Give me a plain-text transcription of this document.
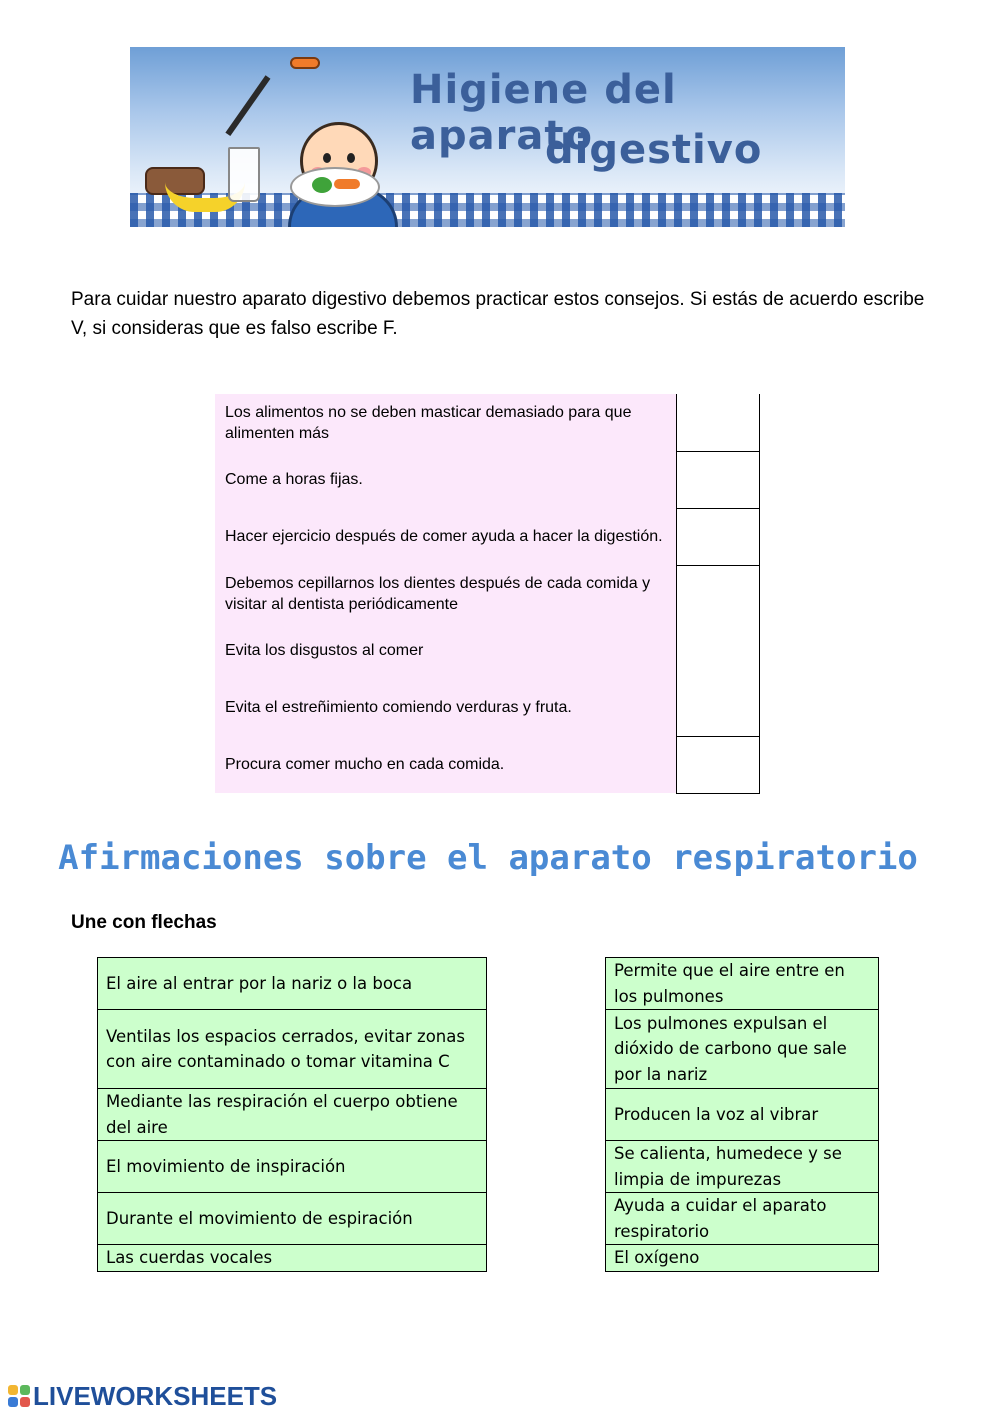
Higiene del aparato
digestivo

Para cuidar nuestro aparato digestivo debemos practicar estos consejos. Si estás de acuerdo escribe V, si consideras que es falso escribe F.

Los alimentos no se deben masticar demasiado para que alimenten más	
Come a horas fijas.	
Hacer ejercicio después de comer ayuda a hacer la digestión.	
Debemos cepillarnos los dientes después de cada comida y visitar al dentista periódicamente	
Evita los disgustos al comer	
Evita el estreñimiento comiendo verduras y fruta.	
Procura comer mucho en cada comida.	
Afirmaciones sobre el aparato respiratorio
Une con flechas
El aire al entrar por la nariz o la boca
Ventilas los espacios cerrados, evitar zonas con aire contaminado o tomar vitamina C
Mediante las respiración el cuerpo obtiene del aire
El movimiento de inspiración
Durante el movimiento de espiración
Las cuerdas vocales
Permite que el aire entre en los pulmones
Los pulmones expulsan el dióxido de carbono que sale por la nariz
Producen la voz al vibrar
Se calienta, humedece y se limpia de impurezas
Ayuda a cuidar el aparato respiratorio
El oxígeno
LIVEWORKSHEETS
